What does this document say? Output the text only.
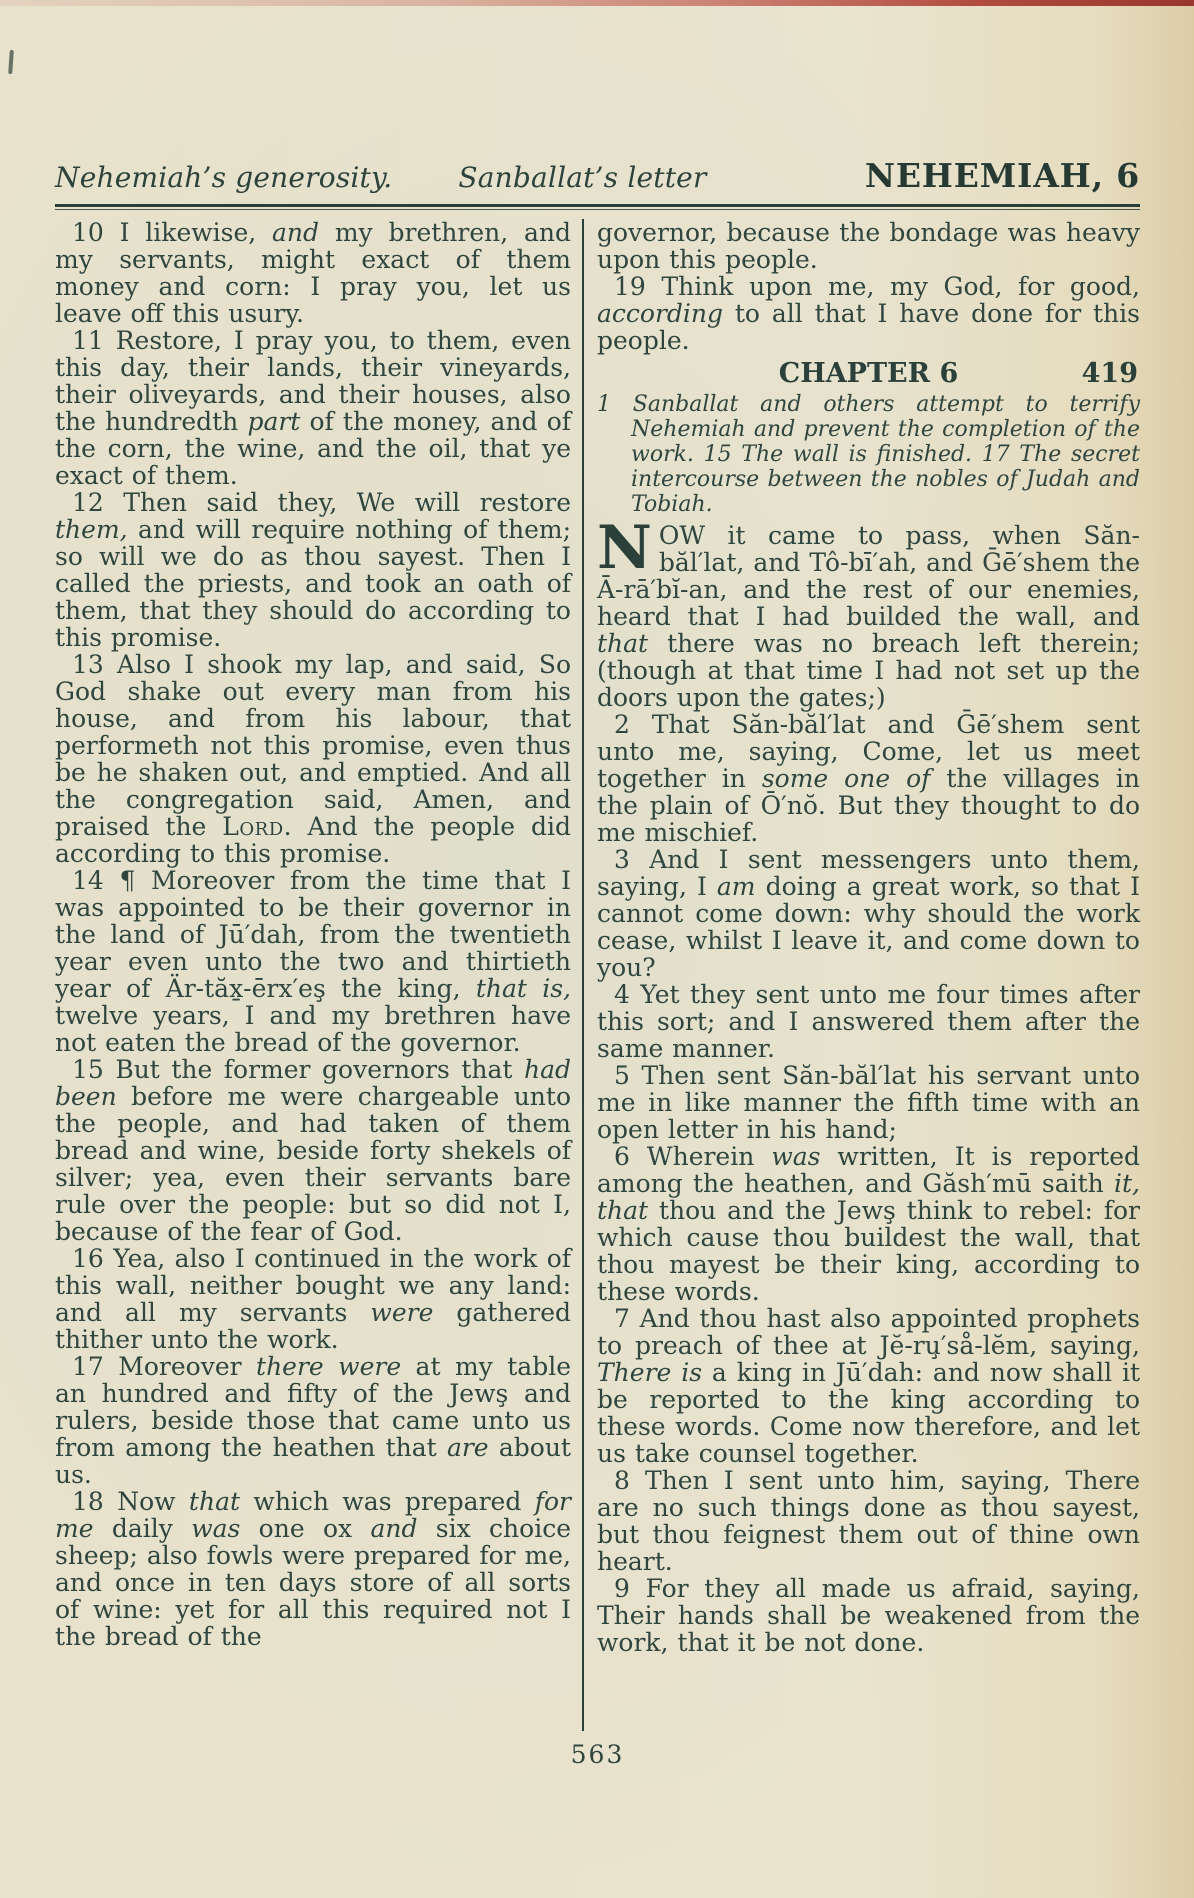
Nehemiah’s generosity. Sanballat’s letter	NEHEMIAH, 6

10 I likewise, and my brethren, and my servants, might exact of them money and corn: I pray you, let us leave off this usury.

11 Restore, I pray you, to them, even this day, their lands, their vineyards, their oliveyards, and their houses, also the hundredth part of the money, and of the corn, the wine, and the oil, that ye exact of them.

12 Then said they, We will restore them, and will require nothing of them; so will we do as thou sayest. Then I called the priests, and took an oath of them, that they should do according to this promise.

13 Also I shook my lap, and said, So God shake out every man from his house, and from his labour, that performeth not this promise, even thus be he shaken out, and emptied. And all the congregation said, Amen, and praised the Lord. And the people did according to this promise.

14 ¶ Moreover from the time that I was appointed to be their governor in the land of Jū′dah, from the twentieth year even unto the two and thirtieth year of Är-tăx̱-ērx′eş the king, that is, twelve years, I and my brethren have not eaten the bread of the governor.

15 But the former governors that had been before me were chargeable unto the people, and had taken of them bread and wine, beside forty shekels of silver; yea, even their servants bare rule over the people: but so did not I, because of the fear of God.

16 Yea, also I continued in the work of this wall, neither bought we any land: and all my servants were gathered thither unto the work.

17 Moreover there were at my table an hundred and fifty of the Jewş and rulers, beside those that came unto us from among the heathen that are about us.

18 Now that which was prepared for me daily was one ox and six choice sheep; also fowls were prepared for me, and once in ten days store of all sorts of wine: yet for all this required not I the bread of the

governor, because the bondage was heavy upon this people.

19 Think upon me, my God, for good, according to all that I have done for this people.

CHAPTER 6	419

1 Sanballat and others attempt to terrify Nehemiah and prevent the completion of the work. 15 The wall is finished. 17 The secret intercourse between the nobles of Judah and Tobiah.

NOW it came to pass, when Săn-băl′lat, and Tô-bī′ah, and Ḡē′shem the Ā-rā′bĭ-an, and the rest of our enemies, heard that I had builded the wall, and that there was no breach left therein; (though at that time I had not set up the doors upon the gates;)

2 That Săn-băl′lat and Ḡē′shem sent unto me, saying, Come, let us meet together in some one of the villages in the plain of Ō′nŏ. But they thought to do me mischief.

3 And I sent messengers unto them, saying, I am doing a great work, so that I cannot come down: why should the work cease, whilst I leave it, and come down to you?

4 Yet they sent unto me four times after this sort; and I answered them after the same manner.

5 Then sent Săn-băl′lat his servant unto me in like manner the fifth time with an open letter in his hand;

6 Wherein was written, It is reported among the heathen, and Găsh′mū saith it, that thou and the Jewş think to rebel: for which cause thou buildest the wall, that thou mayest be their king, according to these words.

7 And thou hast also appointed prophets to preach of thee at Jĕ-ru̧′så-lĕm, saying, There is a king in Jū′dah: and now shall it be reported to the king according to these words. Come now therefore, and let us take counsel together.

8 Then I sent unto him, saying, There are no such things done as thou sayest, but thou feignest them out of thine own heart.

9 For they all made us afraid, saying, Their hands shall be weakened from the work, that it be not done.

563
